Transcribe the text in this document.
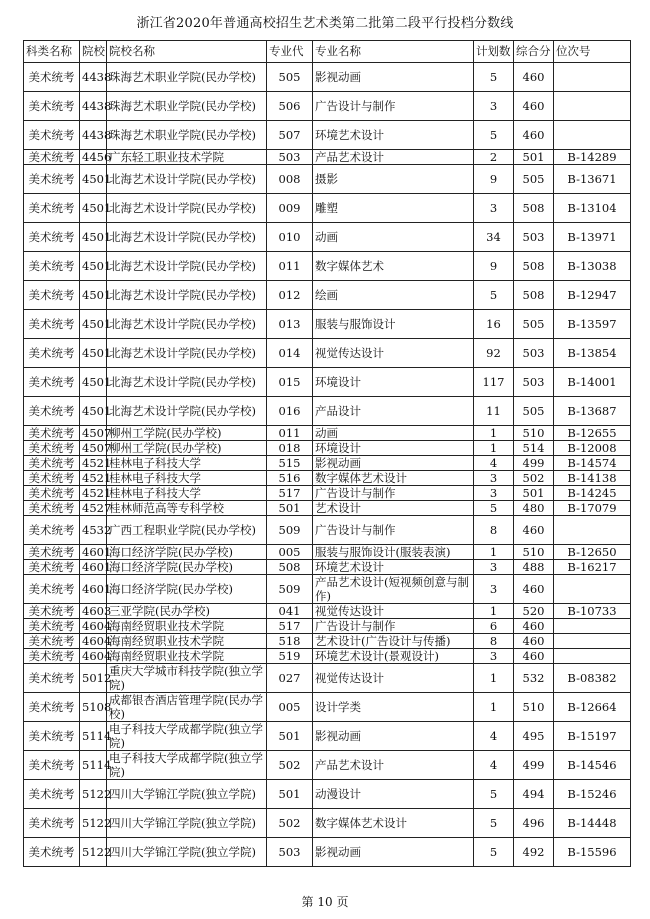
浙江省2020年普通高校招生艺术类第二批第二段平行投档分数线
科类名称	院校	院校名称	专业代	专业名称	计划数	综合分	位次号
美术统考	4438	珠海艺术职业学院(民办学校)	505	影视动画	5	460	
美术统考	4438	珠海艺术职业学院(民办学校)	506	广告设计与制作	3	460	
美术统考	4438	珠海艺术职业学院(民办学校)	507	环境艺术设计	5	460	
美术统考	4456	广东轻工职业技术学院	503	产品艺术设计	2	501	B-14289
美术统考	4501	北海艺术设计学院(民办学校)	008	摄影	9	505	B-13671
美术统考	4501	北海艺术设计学院(民办学校)	009	雕塑	3	508	B-13104
美术统考	4501	北海艺术设计学院(民办学校)	010	动画	34	503	B-13971
美术统考	4501	北海艺术设计学院(民办学校)	011	数字媒体艺术	9	508	B-13038
美术统考	4501	北海艺术设计学院(民办学校)	012	绘画	5	508	B-12947
美术统考	4501	北海艺术设计学院(民办学校)	013	服装与服饰设计	16	505	B-13597
美术统考	4501	北海艺术设计学院(民办学校)	014	视觉传达设计	92	503	B-13854
美术统考	4501	北海艺术设计学院(民办学校)	015	环境设计	117	503	B-14001
美术统考	4501	北海艺术设计学院(民办学校)	016	产品设计	11	505	B-13687
美术统考	4507	柳州工学院(民办学校)	011	动画	1	510	B-12655
美术统考	4507	柳州工学院(民办学校)	018	环境设计	1	514	B-12008
美术统考	4521	桂林电子科技大学	515	影视动画	4	499	B-14574
美术统考	4521	桂林电子科技大学	516	数字媒体艺术设计	3	502	B-14138
美术统考	4521	桂林电子科技大学	517	广告设计与制作	3	501	B-14245
美术统考	4527	桂林师范高等专科学校	501	艺术设计	5	480	B-17079
美术统考	4532	广西工程职业学院(民办学校)	509	广告设计与制作	8	460	
美术统考	4601	海口经济学院(民办学校)	005	服装与服饰设计(服装表演)	1	510	B-12650
美术统考	4601	海口经济学院(民办学校)	508	环境艺术设计	3	488	B-16217
美术统考	4601	海口经济学院(民办学校)	509	产品艺术设计(短视频创意与制作)	3	460	
美术统考	4603	三亚学院(民办学校)	041	视觉传达设计	1	520	B-10733
美术统考	4604	海南经贸职业技术学院	517	广告设计与制作	6	460	
美术统考	4604	海南经贸职业技术学院	518	艺术设计(广告设计与传播)	8	460	
美术统考	4604	海南经贸职业技术学院	519	环境艺术设计(景观设计)	3	460	
美术统考	5012	重庆大学城市科技学院(独立学院)	027	视觉传达设计	1	532	B-08382
美术统考	5108	成都银杏酒店管理学院(民办学校)	005	设计学类	1	510	B-12664
美术统考	5114	电子科技大学成都学院(独立学院)	501	影视动画	4	495	B-15197
美术统考	5114	电子科技大学成都学院(独立学院)	502	产品艺术设计	4	499	B-14546
美术统考	5122	四川大学锦江学院(独立学院)	501	动漫设计	5	494	B-15246
美术统考	5122	四川大学锦江学院(独立学院)	502	数字媒体艺术设计	5	496	B-14448
美术统考	5122	四川大学锦江学院(独立学院)	503	影视动画	5	492	B-15596
第 10 页
